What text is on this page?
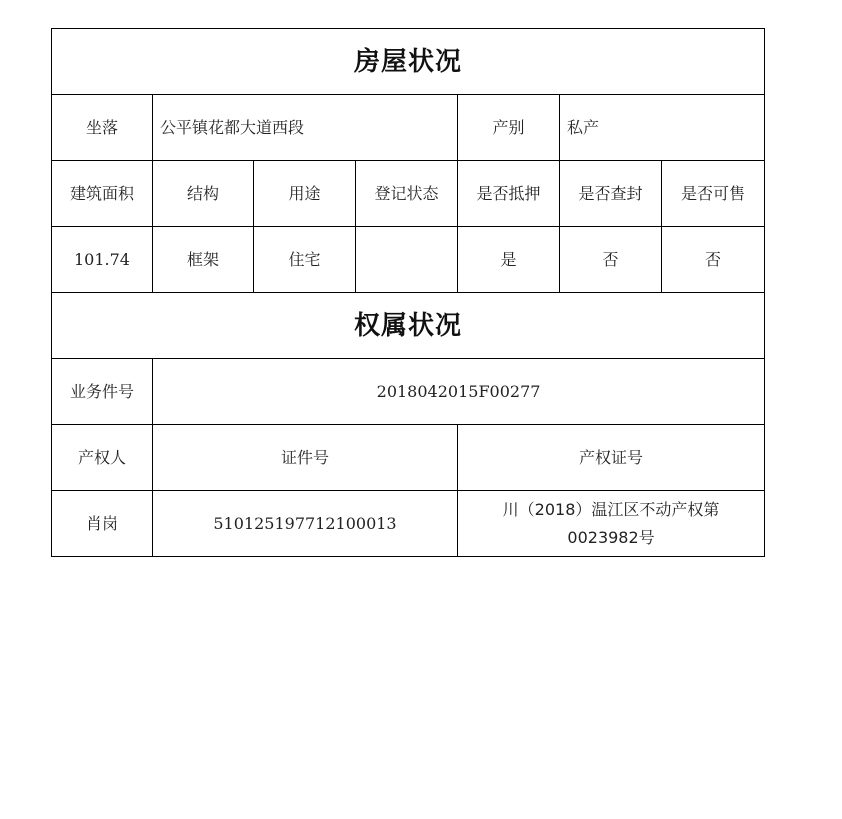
房屋状况						
坐落	公平镇花都大道西段			产别	私产	
建筑面积	结构	用途	登记状态	是否抵押	是否查封	是否可售
101.74	框架	住宅		是	否	否
权属状况						
业务件号	2018042015F00277					
产权人	证件号			产权证号		
肖岗	510125197712100013			川（2018）温江区不动产权第0023982号		
